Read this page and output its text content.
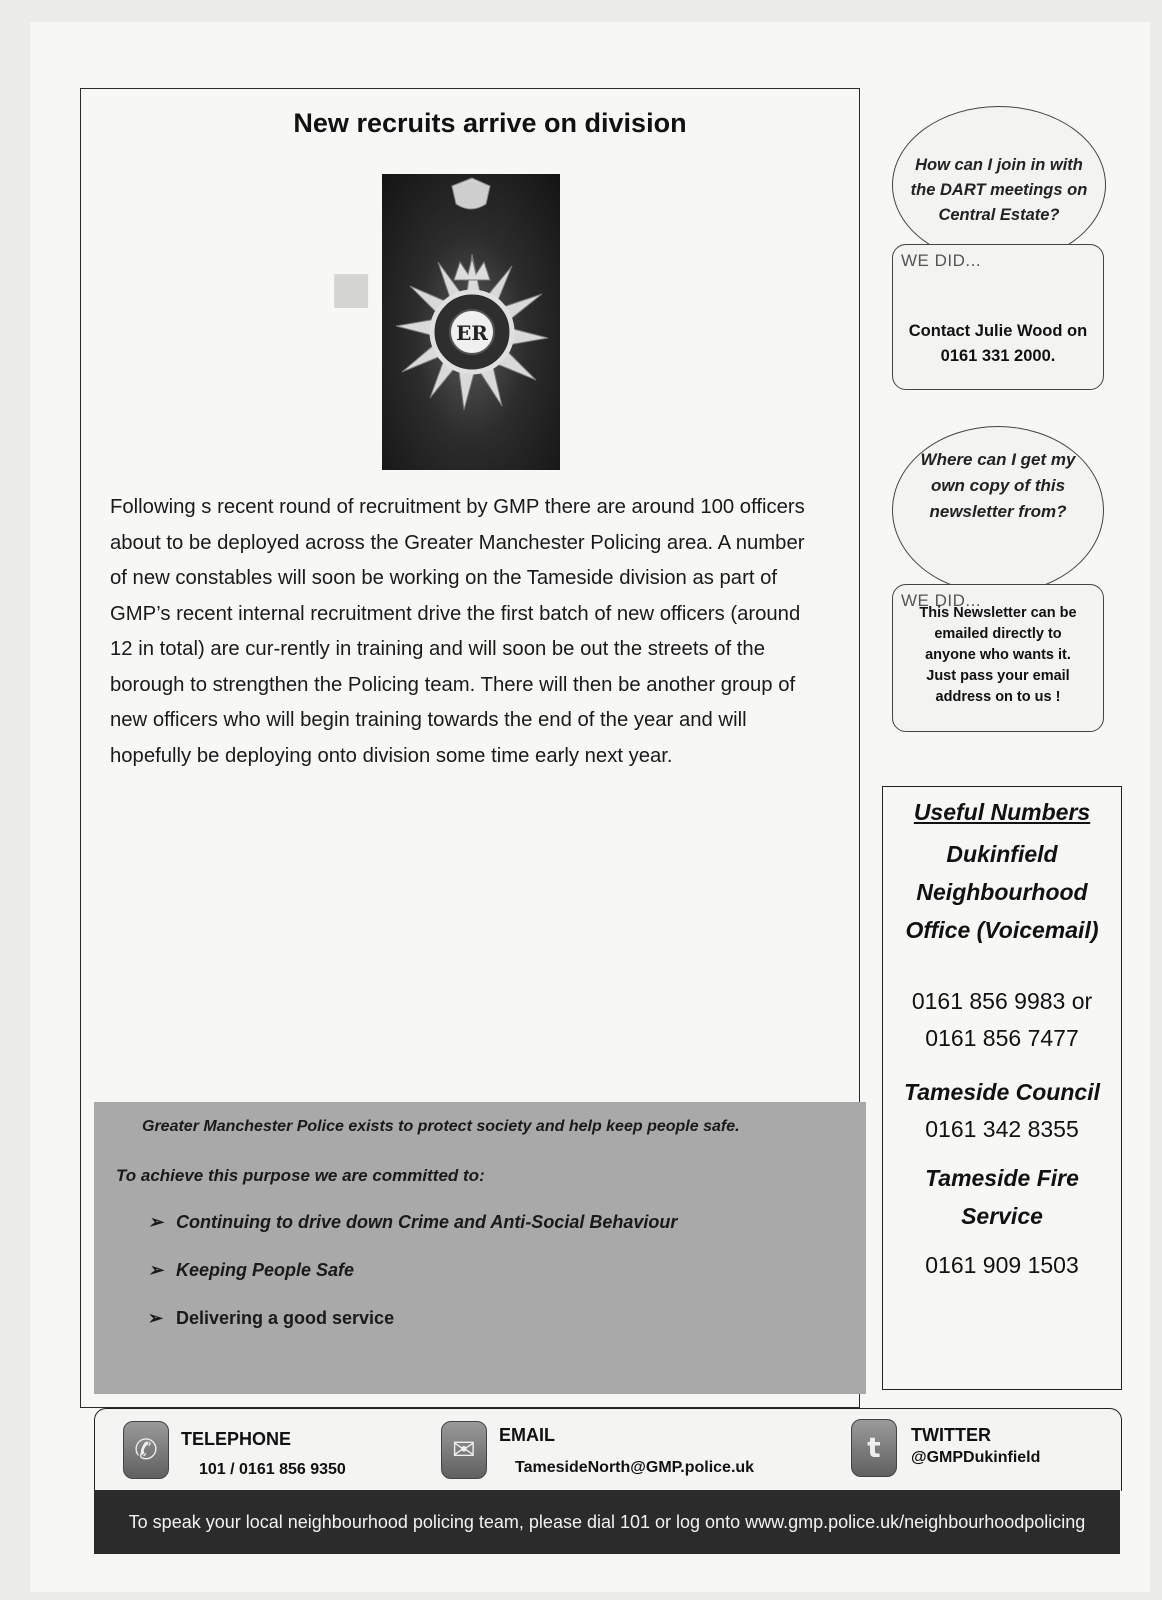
■
New recruits arrive on division
ER

Following s recent round of recruitment by GMP there are around 100 officers about to be deployed across the Greater Manchester Policing area. A number of new constables will soon be working on the Tameside division as part of GMP’s recent internal recruitment drive the first batch of new officers (around 12 in total) are cur-rently in training and will soon be out the streets of the borough to strengthen the Policing team. There will then be another group of new officers who will begin training towards the end of the year and will hopefully be deploying onto division some time early next year.

How can I join in with the DART meetings on Central Estate?
WE DID...
Contact Julie Wood on 0161 331 2000.
Where can I get my own copy of this newsletter from?
WE DID...
This Newsletter can be emailed directly to anyone who wants it. Just pass your email address on to us !
Useful Numbers
Dukinfield Neighbourhood Office (Voicemail)
0161 856 9983 or 0161 856 7477
Tameside Council
0161 342 8355
Tameside Fire Service
0161 909 1503

Greater Manchester Police exists to protect society and help keep people safe.

To achieve this purpose we are committed to:

➢ Continuing to drive down Crime and Anti-Social Behaviour
➢ Keeping People Safe
➢ Delivering a good service
✆	TELEPHONE
101 / 0161 856 9350
✉	EMAIL
TamesideNorth@GMP.police.uk
t	TWITTER
@GMPDukinfield
To speak your local neighbourhood policing team, please dial 101 or log onto www.gmp.police.uk/neighbourhoodpolicing
